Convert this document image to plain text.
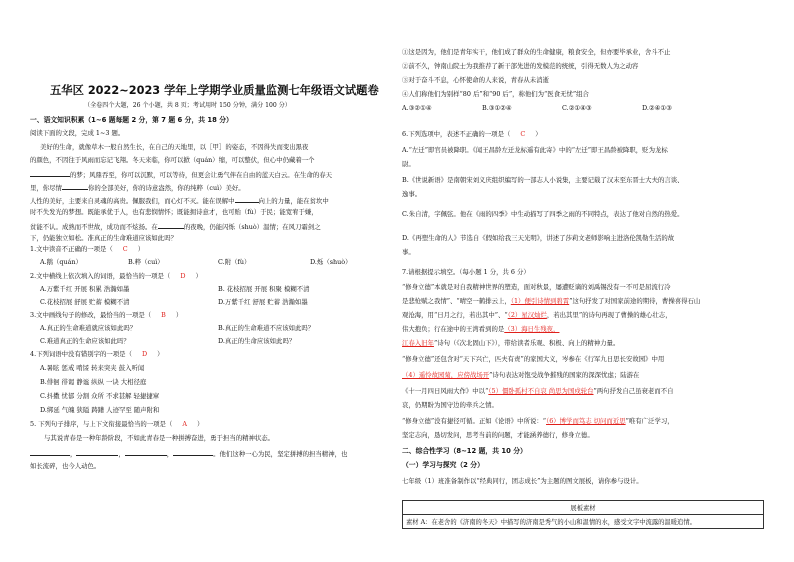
五华区 2022~2023 学年上学期学业质量监测七年级语文试题卷
（全卷四个大题，26 个小题，共 8 页；考试用时 150 分钟，满分 100 分）
一、语文知识积累（1~6 题每题 2 分，第 7 题 6 分，共 18 分）
阅读下面的文段，完成 1~3 题。
美好的生命，就像草木一般自然生长，在自己的天地里，以［甲］的姿态，不因得失而变出黑夜
的颜色，不因往于风雨而忘记飞翔。冬天来临，你可以掀（quán）缩，可以整伏，但心中仍藏着一个
的梦；风鼎吞至，你可以沉默，可以等待，但更会让勇气伴在自由的蓝天白云。在生命的春天
里，你尽情	你的全部美好，你的诗意盎然，你的纯粹（cuì）美好。
人性的美好，主要来自灵魂的高贵。佩服我们，而心灯不灭。能在误解中	向上的力量，能在贫坎中
时不失发光的梦想。既能承优于人，也有悲悯情怀；既能拥诗意才，也可贻（fù）于民；能宽宥于嫌，
贫能不认。成熟而不世故，成功而不炫扬。在	的夜晚，仍能闪烁（shuò）温情；在风刀霜剑之
下，仍能独立如松。准真正的生命难道应该如此吗？
1.文中读音不正确的一项是（ C ）
A.鹅（quán）	B.粹（cuì）	C.附（fù）	D.烁（shuò）
2.文中横线上依次填入的词语，最恰当的一项是（ D ）
A.万紫千红 开展 积累 浩瀚如墨	B. 花枝招展 开展 积聚 模糊不清
C.花枝招展 舒展 贮蓄 模糊不清	D.万紫千红 舒展 贮蓄 浩瀚如墨
3.文中画线句子的修改，最恰当的一项是（ B ）
A.真正的生命难道就应该如此吗？	B.真正的生命难道不应该如此吗？
C.难道真正的生命应该如此吗？	D.真正的生命应该如此吗？
4.下列词语中没有错别字的一项是（ D ）
A.暑眩 惩戒 啃馁 转来突夹 鼓入听闻
B.俳徊 徘谒 静谧 纵纵 一诀 大相径庭
C.抖擞 忧郁 分割 众所 不求甚解 轻捷捷窜
D.绑延 气魄 狭隘 踌躇 人迹罕至 随声附和
5. 下列句子排序，与上下文衔接最恰当的一项是（ A ）
与其说青春是一种年龄阶段，不如此青春是一种拼搏奋进，勇于担当的精神状态。
，	，	，	。他们这种一心为民，坚定拼搏的担当精神，也
如长流碎，也今人动色。
①这是因为，他们是青年实干，他们成了群众的生命健康，粮食安全，但亦要毕承业，舍斗不止
②前不久，钟南山院士为我推荐了新干部先进的发模范的统统，引得无数人为之动容
③对于奋斗不息，心怀使命的人来说，青春从未消逝
④人们称他们为别样“80 后”和“90 后”，称他们为“医食无忧”组合
A.③②①④	B.③①②④	C.②①④③	D.②④①③
6.下列选项中，表述不正确的一项是（ C ）
A.“左迁”即官员被降职。《闻王昌龄左迁龙标遥有此寄》中的“左迁”即王昌龄被降职，贬为龙标
尉。
B.《世说新语》是南朝宋刘义庆组织编写的一部志人小说集，主要记载了汉末至东晋士大夫的言谈、
逸事。
C.朱自清，字佩弦。他在《雨的四季》中生动描写了四季之雨的不同特点，表达了他对自然的热爱。
D.《再塑生命的人》节选自《假如给我三天光明》，讲述了莎莉文老师影响主进洛伦凯勒生活的故
事。
7.请根据提示填空。（每小题 1 分，共 6 分）
“修身立德”本就是对自我精神世界的塑造，面对秋景，屡遭贬谪的刘禹锡没有一不可是屈流行冷
是悲怆赋之我情”、“晴空一鹤排云上，（1）便引诗情到碧霄”这句抒发了对国家前途的期待，曹操喜得石山
观沧海，用“日月之行，若出其中”、“（2）星汉灿烂，若出其里”的诗句再现了曹操的雄心壮志，
伟大抱负；行在途中的王湾看到的是（3）海日生残夜，
江春入旧年”诗句（《次北固山下》），带给读者乐观、积极、向上的精神力量。
“修身立德”还包含对“天下兴亡，匹夫有责”的家国大义，岑参在《行军九日思长安故园》中用
（4）遥怜故园菊，应傍战场开”诗句表达对饱受战争摧残的国家的深深忧虑；陆游在
《十一月四日风雨大作》中以“（5）僵卧孤村不自哀 尚思为国戍轮台”两句抒发自己虽衰老而不自
哀，仍期盼为国守边的牵兵之情。
“修身立德”没有捷径可循。正如《论语》中所说：“（6）博学而笃志 切问而近思”唯有广泛学习，
坚定志向，恳切发问，思考当前的问题，才能涵养德行，修身立德。
二、综合性学习（8~12 题，共 10 分）
（一）学习与探究（2 分）
七年级（1）班准备制作以“经典同行，团志成长”为主题的图文展板，请你参与设计。
展板素材
素材 A：在老舍的《济南的冬天》中描写的济南是秀气的小山和温情的水，感受文字中流露的温暖追情。
